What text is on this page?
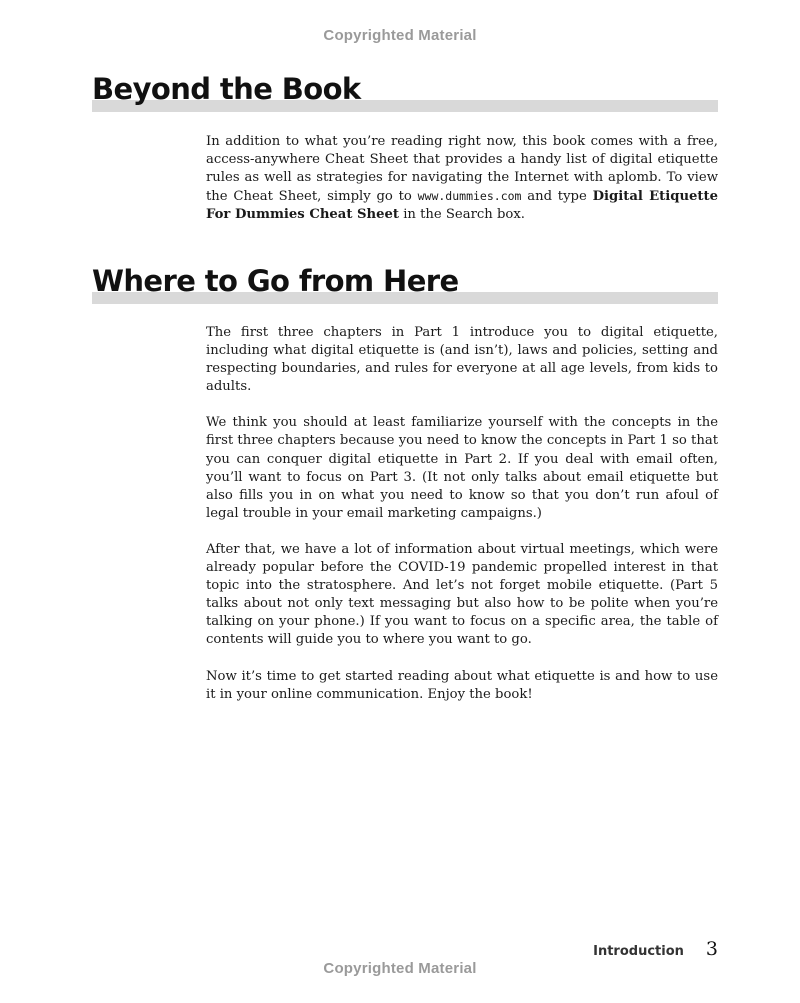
Copyrighted Material
Beyond the Book

In addition to what you’re reading right now, this book comes with a free, access-anywhere Cheat Sheet that provides a handy list of digital etiquette rules as well as strategies for navigating the Internet with aplomb. To view the Cheat Sheet, simply go to www.dummies.com and type Digital Etiquette For Dummies Cheat Sheet in the Search box.

Where to Go from Here

The first three chapters in Part 1 introduce you to digital etiquette, including what digital etiquette is (and isn’t), laws and policies, setting and respecting boundaries, and rules for everyone at all age levels, from kids to adults.

We think you should at least familiarize yourself with the concepts in the first three chapters because you need to know the concepts in Part 1 so that you can conquer digital etiquette in Part 2. If you deal with email often, you’ll want to focus on Part 3. (It not only talks about email etiquette but also fills you in on what you need to know so that you don’t run afoul of legal trouble in your email marketing campaigns.)

After that, we have a lot of information about virtual meetings, which were already popular before the COVID-19 pandemic propelled interest in that topic into the stratosphere. And let’s not forget mobile etiquette. (Part 5 talks about not only text messaging but also how to be polite when you’re talking on your phone.) If you want to focus on a specific area, the table of contents will guide you to where you want to go.

Now it’s time to get started reading about what etiquette is and how to use it in your online communication. Enjoy the book!

Introduction 3
Copyrighted Material
